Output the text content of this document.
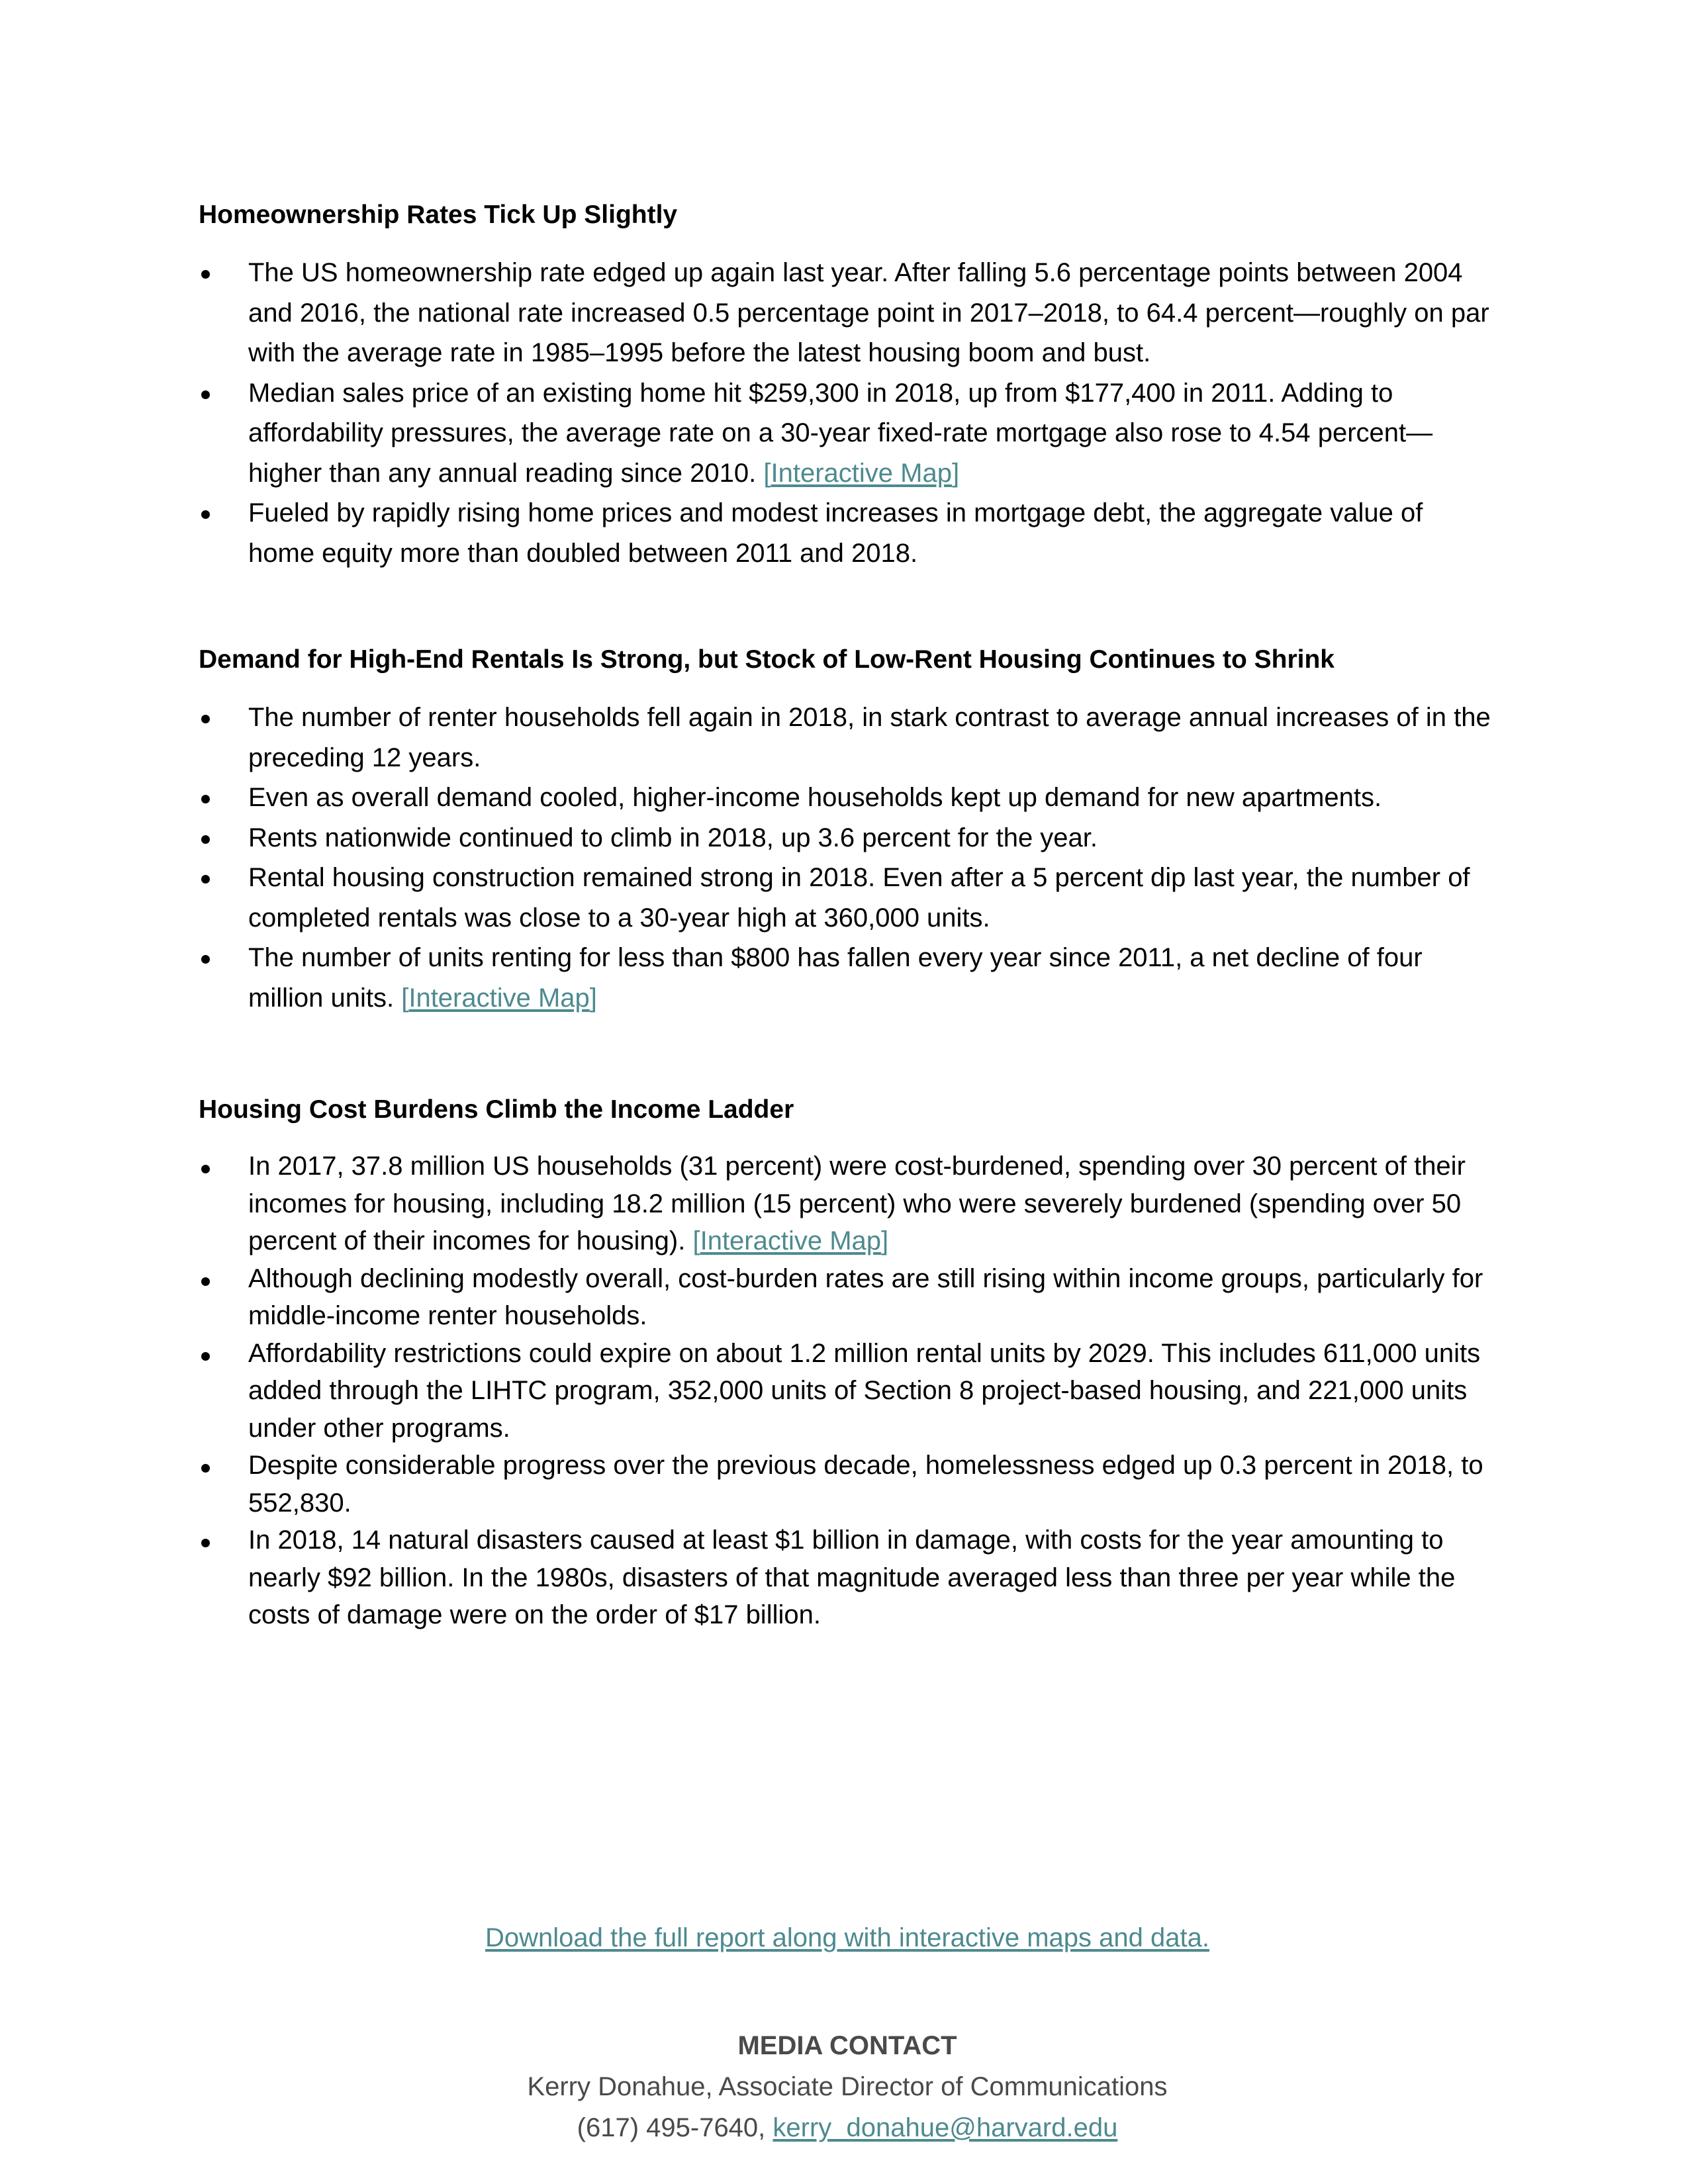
Homeownership Rates Tick Up Slightly
The US homeownership rate edged up again last year. After falling 5.6 percentage points between 2004 and 2016, the national rate increased 0.5 percentage point in 2017–2018, to 64.4 percent—roughly on par with the average rate in 1985–1995 before the latest housing boom and bust.
Median sales price of an existing home hit $259,300 in 2018, up from $177,400 in 2011. Adding to affordability pressures, the average rate on a 30-year fixed-rate mortgage also rose to 4.54 percent—higher than any annual reading since 2010. [Interactive Map]
Fueled by rapidly rising home prices and modest increases in mortgage debt, the aggregate value of home equity more than doubled between 2011 and 2018.
Demand for High-End Rentals Is Strong, but Stock of Low-Rent Housing Continues to Shrink
The number of renter households fell again in 2018, in stark contrast to average annual increases of in the preceding 12 years.
Even as overall demand cooled, higher-income households kept up demand for new apartments.
Rents nationwide continued to climb in 2018, up 3.6 percent for the year.
Rental housing construction remained strong in 2018. Even after a 5 percent dip last year, the number of completed rentals was close to a 30-year high at 360,000 units.
The number of units renting for less than $800 has fallen every year since 2011, a net decline of four million units. [Interactive Map]
Housing Cost Burdens Climb the Income Ladder
In 2017, 37.8 million US households (31 percent) were cost-burdened, spending over 30 percent of their incomes for housing, including 18.2 million (15 percent) who were severely burdened (spending over 50 percent of their incomes for housing). [Interactive Map]
Although declining modestly overall, cost-burden rates are still rising within income groups, particularly for middle-income renter households.
Affordability restrictions could expire on about 1.2 million rental units by 2029. This includes 611,000 units added through the LIHTC program, 352,000 units of Section 8 project-based housing, and 221,000 units under other programs.
Despite considerable progress over the previous decade, homelessness edged up 0.3 percent in 2018, to 552,830.
In 2018, 14 natural disasters caused at least $1 billion in damage, with costs for the year amounting to nearly $92 billion. In the 1980s, disasters of that magnitude averaged less than three per year while the costs of damage were on the order of $17 billion.
Download the full report along with interactive maps and data.
MEDIA CONTACT
Kerry Donahue, Associate Director of Communications
(617) 495-7640, kerry_donahue@harvard.edu
